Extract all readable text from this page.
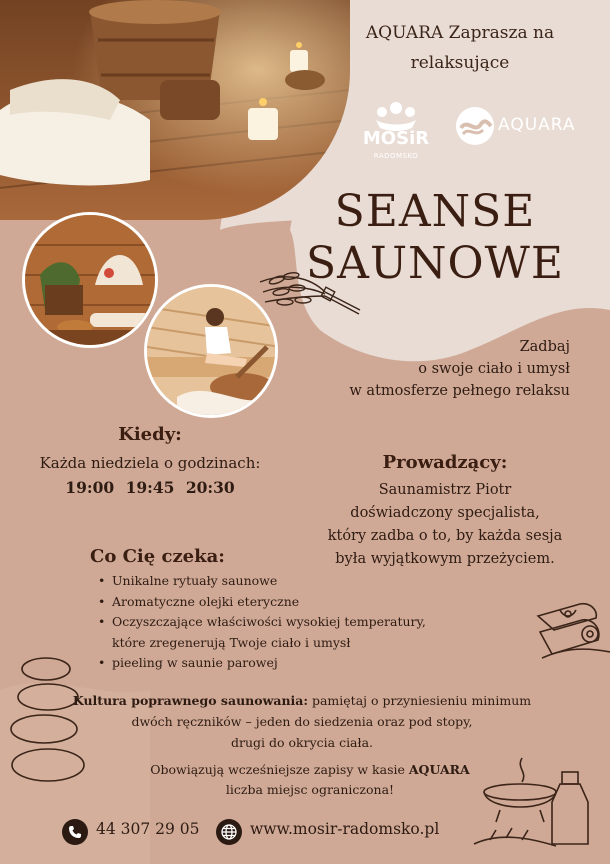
AQUARA Zaprasza na
relaksujące
MOSiR
RADOMSKO
AQUARA
SEANSE
SAUNOWE
Zadbaj
o swoje ciało i umysł
w atmosferze pełnego relaksu
Kiedy:

Każda niedziela o godzinach:

19:00 19:45 20:30
Prowadzący:

Saunamistrz Piotr

doświadczony specjalista,

który zadba o to, by każda sesja

była wyjątkowym przeżyciem.

Co Cię czeka:
• Unikalne rytuały saunowe
• Aromatyczne olejki eteryczne
• Oczyszczające właściwości wysokiej temperatury,
które zregenerują Twoje ciało i umysł
• pieeling w saunie parowej
Kultura poprawnego saunowania: pamiętaj o przyniesieniu minimum
dwóch ręczników – jeden do siedzenia oraz pod stopy,
drugi do okrycia ciała.
Obowiązują wcześniejsze zapisy w kasie AQUARA
liczba miejsc ograniczona!
44 307 29 05	www.mosir-radomsko.pl
